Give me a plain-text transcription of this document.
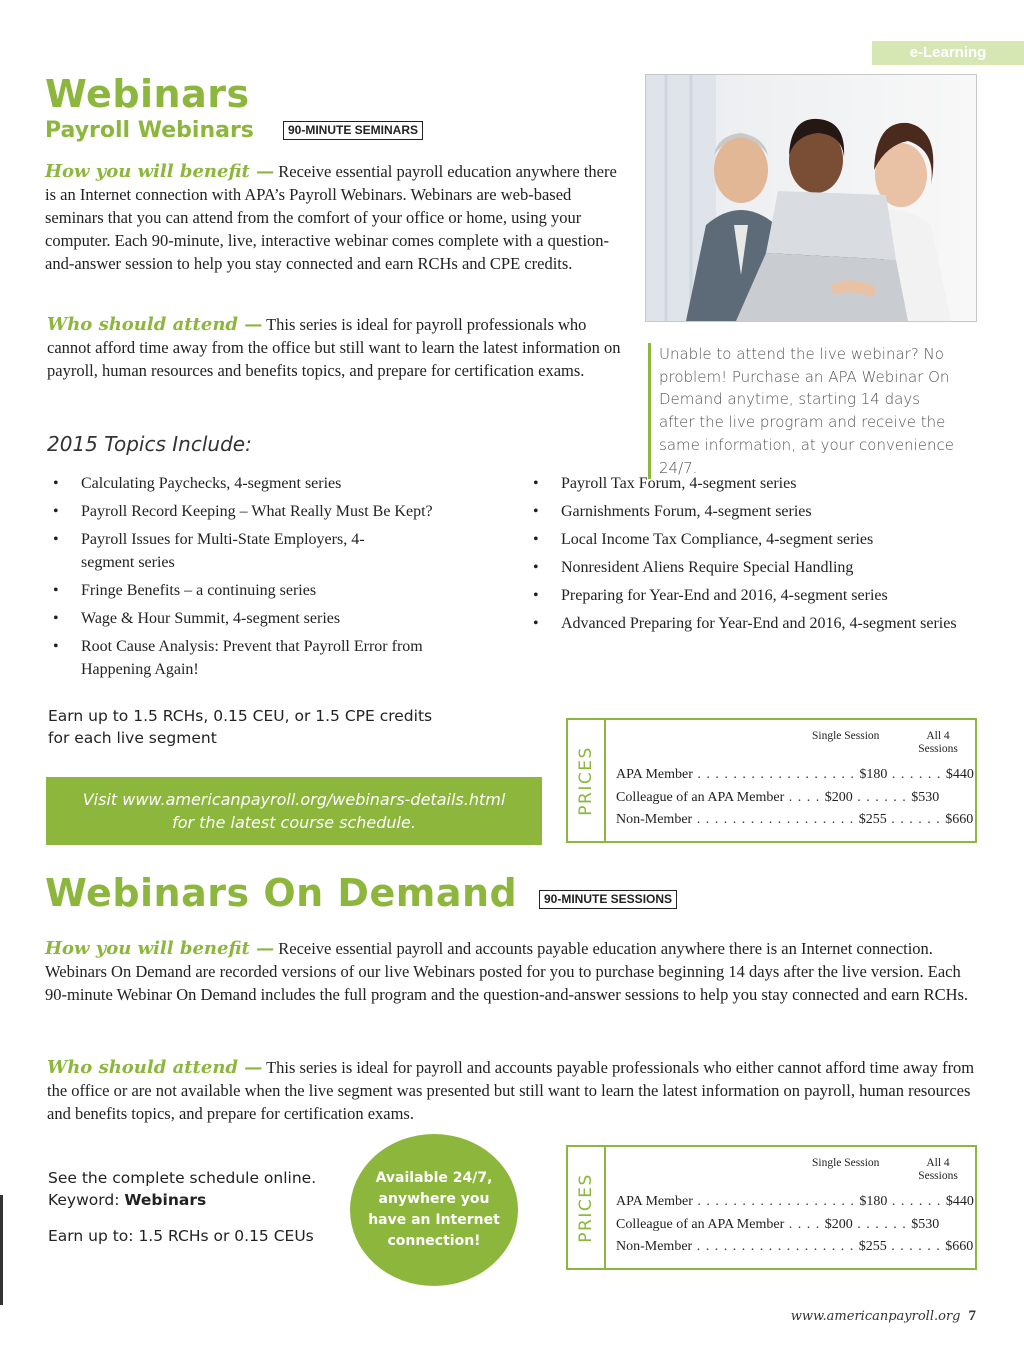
e-Learning
Webinars
Payroll Webinars	90-MINUTE SEMINARS
How you will benefit — Receive essential payroll education anywhere there is an Internet connection with APA’s Payroll Webinars. Webinars are web-based seminars that you can attend from the comfort of your office or home, using your computer. Each 90-minute, live, interactive webinar comes complete with a question-and-answer session to help you stay connected and earn RCHs and CPE credits.
Who should attend — This series is ideal for payroll professionals who cannot afford time away from the office but still want to learn the latest information on payroll, human resources and benefits topics, and prepare for certification exams.
Unable to attend the live webinar? No problem! Purchase an APA Webinar On Demand anytime, starting 14 days after the live program and receive the same information, at your convenience 24/7.
2015 Topics Include:
• Calculating Paychecks, 4-segment series
• Payroll Record Keeping – What Really Must Be Kept?
• Payroll Issues for Multi-State Employers, 4-segment series
• Fringe Benefits – a continuing series
• Wage & Hour Summit, 4-segment series
• Root Cause Analysis: Prevent that Payroll Error from Happening Again!
• Payroll Tax Forum, 4-segment series
• Garnishments Forum, 4-segment series
• Local Income Tax Compliance, 4-segment series
• Nonresident Aliens Require Special Handling
• Preparing for Year-End and 2016, 4-segment series
• Advanced Preparing for Year-End and 2016, 4-segment series
Earn up to 1.5 RCHs, 0.15 CEU, or 1.5 CPE credits
for each live segment
Visit www.americanpayroll.org/webinars-details.html
for the latest course schedule.
PRICES
Single Session	All 4
Sessions
APA Member . . . . . . . . . . . . . . . . . . $180 . . . . . . $440
Colleague of an APA Member . . . . $200 . . . . . . $530
Non-Member . . . . . . . . . . . . . . . . . . $255 . . . . . . $660
Webinars On Demand	90-MINUTE SESSIONS
How you will benefit — Receive essential payroll and accounts payable education anywhere there is an Internet connection. Webinars On Demand are recorded versions of our live Webinars posted for you to purchase beginning 14 days after the live version. Each 90-minute Webinar On Demand includes the full program and the question-and-answer sessions to help you stay connected and earn RCHs.
Who should attend — This series is ideal for payroll and accounts payable professionals who either cannot afford time away from the office or are not available when the live segment was presented but still want to learn the latest information on payroll, human resources and benefits topics, and prepare for certification exams.
See the complete schedule online.
Keyword: Webinars
Earn up to: 1.5 RCHs or 0.15 CEUs
Available 24/7,
anywhere you
have an Internet
connection!	PRICES
Single Session	All 4
Sessions
APA Member . . . . . . . . . . . . . . . . . . $180 . . . . . . $440
Colleague of an APA Member . . . . $200 . . . . . . $530
Non-Member . . . . . . . . . . . . . . . . . . $255 . . . . . . $660
www.americanpayroll.org 7
